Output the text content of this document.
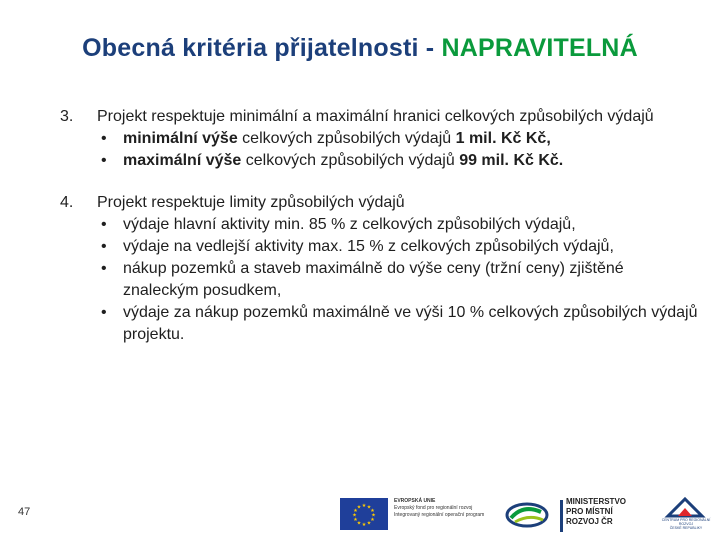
Obecná kritéria přijatelnosti - NAPRAVITELNÁ
3. Projekt respektuje minimální a maximální hranici celkových způsobilých výdajů
• minimální výše celkových způsobilých výdajů 1 mil. Kč Kč,
• maximální výše celkových způsobilých výdajů 99 mil. Kč Kč.
4. Projekt respektuje limity způsobilých výdajů
• výdaje hlavní aktivity min. 85 % z celkových způsobilých výdajů,
• výdaje na vedlejší aktivity max. 15 % z celkových způsobilých výdajů,
• nákup pozemků a staveb maximálně do výše ceny (tržní ceny) zjištěné znaleckým posudkem,
• výdaje za nákup pozemků maximálně ve výši 10 % celkových způsobilých výdajů projektu.
47	★ ★
★
★
★
★
★
★
★
★
★
★
EVROPSKÁ UNIE
Evropský fond pro regionální rozvoj
Integrovaný regionální operační program
MINISTERSTVO
PRO MÍSTNÍ
ROZVOJ ČR	CENTRUM PRO REGIONÁLNÍ ROZVOJ
ČESKÉ REPUBLIKY
